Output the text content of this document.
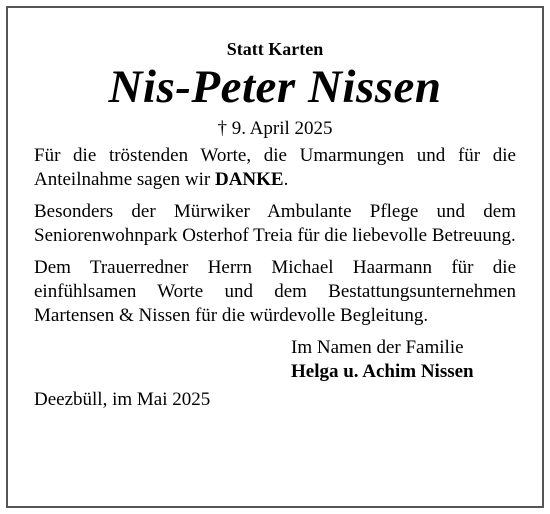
Statt Karten
Nis-Peter Nissen
† 9. April 2025

Für die tröstenden Worte, die Umarmungen und für die Anteilnahme sagen wir DANKE.

Besonders der Mürwiker Ambulante Pflege und dem Seniorenwohnpark Osterhof Treia für die liebevolle Betreuung.

Dem Trauerredner Herrn Michael Haarmann für die einfühlsamen Worte und dem Bestattungsunternehmen Martensen & Nissen für die würdevolle Begleitung.

Im Namen der Familie
Helga u. Achim Nissen
Deezbüll, im Mai 2025
